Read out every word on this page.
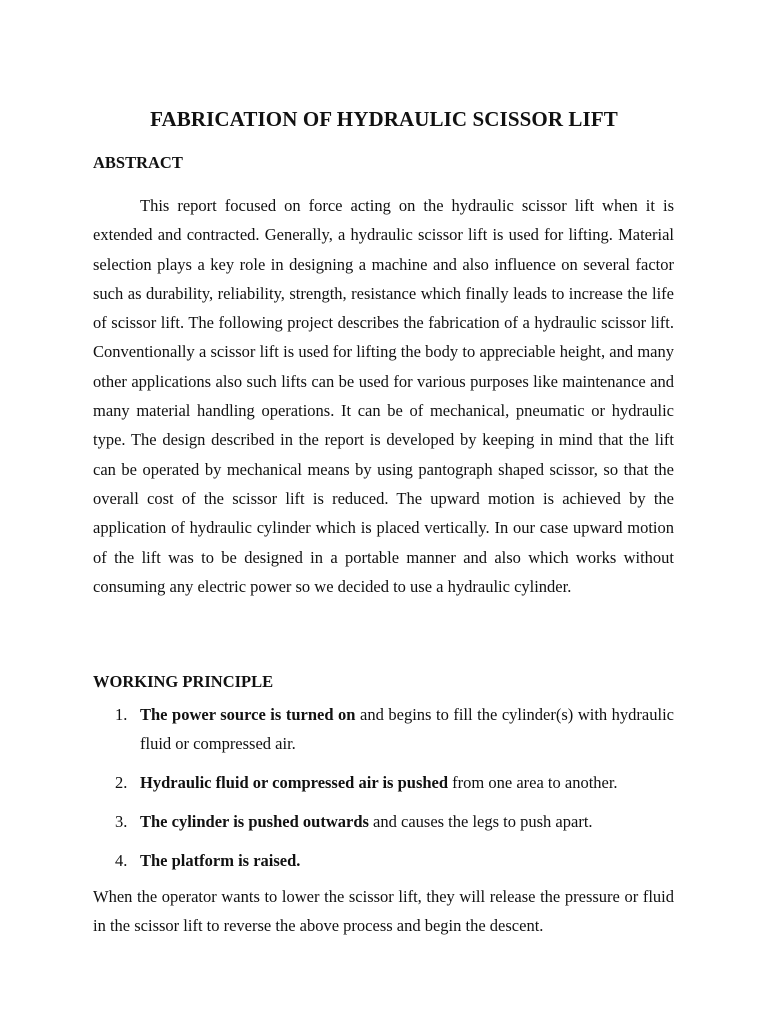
FABRICATION OF HYDRAULIC SCISSOR LIFT
ABSTRACT

This report focused on force acting on the hydraulic scissor lift when it is extended and contracted. Generally, a hydraulic scissor lift is used for lifting. Material selection plays a key role in designing a machine and also influence on several factor such as durability, reliability, strength, resistance which finally leads to increase the life of scissor lift. The following project describes the fabrication of a hydraulic scissor lift. Conventionally a scissor lift is used for lifting the body to appreciable height, and many other applications also such lifts can be used for various purposes like maintenance and many material handling operations. It can be of mechanical, pneumatic or hydraulic type. The design described in the report is developed by keeping in mind that the lift can be operated by mechanical means by using pantograph shaped scissor, so that the overall cost of the scissor lift is reduced. The upward motion is achieved by the application of hydraulic cylinder which is placed vertically. In our case upward motion of the lift was to be designed in a portable manner and also which works without consuming any electric power so we decided to use a hydraulic cylinder.

WORKING PRINCIPLE
1. The power source is turned on and begins to fill the cylinder(s) with hydraulic fluid or compressed air.
2. Hydraulic fluid or compressed air is pushed from one area to another.
3. The cylinder is pushed outwards and causes the legs to push apart.
4. The platform is raised.

When the operator wants to lower the scissor lift, they will release the pressure or fluid in the scissor lift to reverse the above process and begin the descent.
